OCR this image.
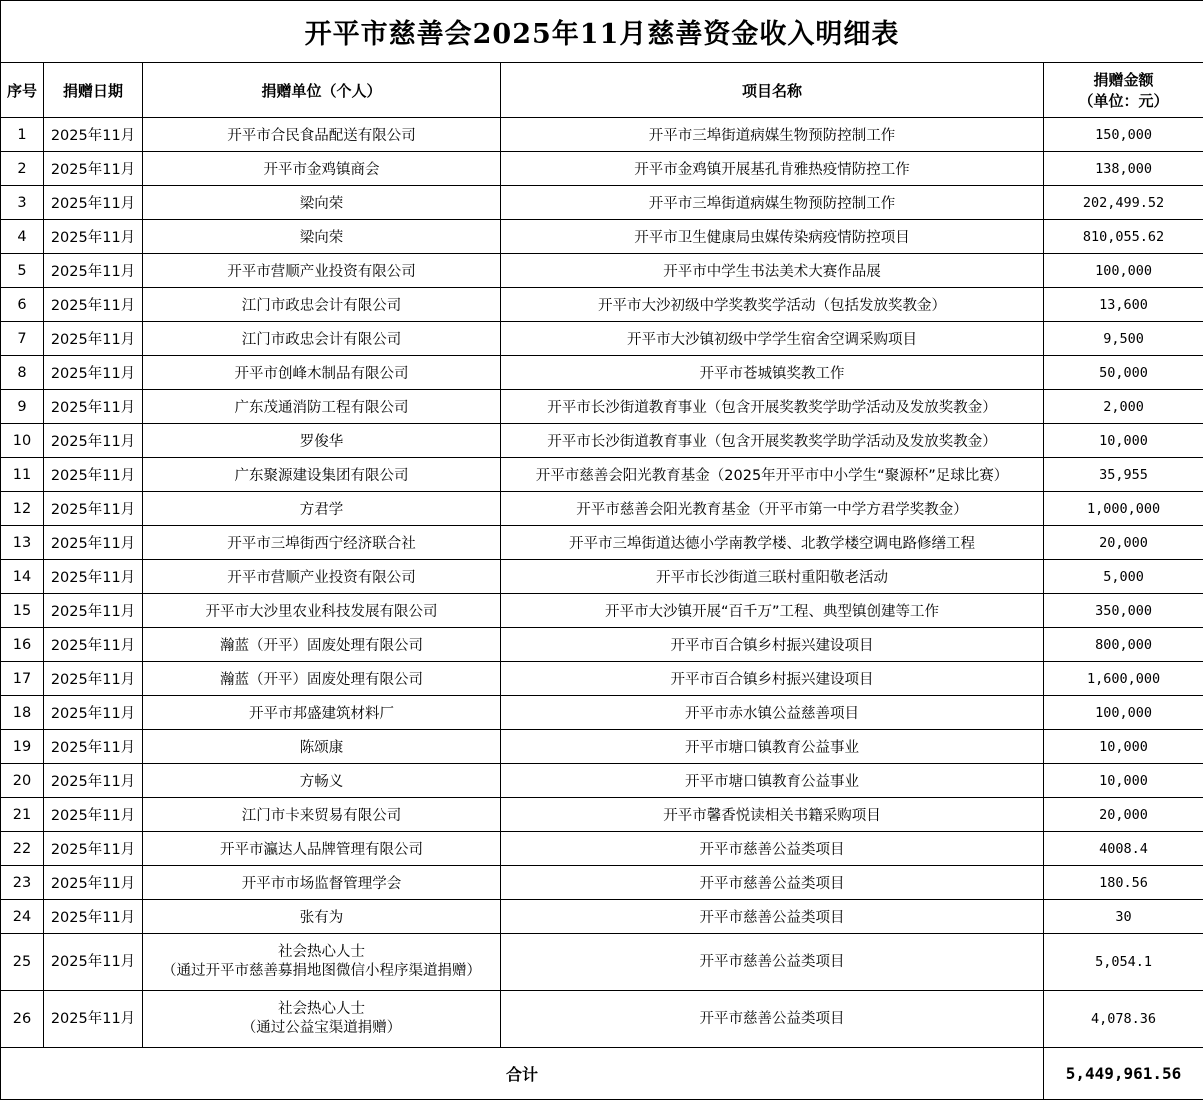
开平市慈善会2025年11月慈善资金收入明细表				
序号	捐赠日期	捐赠单位（个人）	项目名称	捐赠金额
（单位：元）

1	2025年11月	开平市合民食品配送有限公司	开平市三埠街道病媒生物预防控制工作	150,000
2	2025年11月	开平市金鸡镇商会	开平市金鸡镇开展基孔肯雅热疫情防控工作	138,000
3	2025年11月	梁向荣	开平市三埠街道病媒生物预防控制工作	202,499.52
4	2025年11月	梁向荣	开平市卫生健康局虫媒传染病疫情防控项目	810,055.62
5	2025年11月	开平市营顺产业投资有限公司	开平市中学生书法美术大赛作品展	100,000
6	2025年11月	江门市政忠会计有限公司	开平市大沙初级中学奖教奖学活动（包括发放奖教金）	13,600
7	2025年11月	江门市政忠会计有限公司	开平市大沙镇初级中学学生宿舍空调采购项目	9,500
8	2025年11月	开平市创峰木制品有限公司	开平市苍城镇奖教工作	50,000
9	2025年11月	广东茂通消防工程有限公司	开平市长沙街道教育事业（包含开展奖教奖学助学活动及发放奖教金）	2,000
10	2025年11月	罗俊华	开平市长沙街道教育事业（包含开展奖教奖学助学活动及发放奖教金）	10,000
11	2025年11月	广东聚源建设集团有限公司	开平市慈善会阳光教育基金（2025年开平市中小学生“聚源杯”足球比赛）	35,955
12	2025年11月	方君学	开平市慈善会阳光教育基金（开平市第一中学方君学奖教金）	1,000,000
13	2025年11月	开平市三埠街西宁经济联合社	开平市三埠街道达德小学南教学楼、北教学楼空调电路修缮工程	20,000
14	2025年11月	开平市营顺产业投资有限公司	开平市长沙街道三联村重阳敬老活动	5,000
15	2025年11月	开平市大沙里农业科技发展有限公司	开平市大沙镇开展“百千万”工程、典型镇创建等工作	350,000
16	2025年11月	瀚蓝（开平）固废处理有限公司	开平市百合镇乡村振兴建设项目	800,000
17	2025年11月	瀚蓝（开平）固废处理有限公司	开平市百合镇乡村振兴建设项目	1,600,000
18	2025年11月	开平市邦盛建筑材料厂	开平市赤水镇公益慈善项目	100,000
19	2025年11月	陈颂康	开平市塘口镇教育公益事业	10,000
20	2025年11月	方畅义	开平市塘口镇教育公益事业	10,000
21	2025年11月	江门市卡来贸易有限公司	开平市馨香悦读相关书籍采购项目	20,000
22	2025年11月	开平市瀛达人品牌管理有限公司	开平市慈善公益类项目	4008.4
23	2025年11月	开平市市场监督管理学会	开平市慈善公益类项目	180.56
24	2025年11月	张有为	开平市慈善公益类项目	30
25	2025年11月	社会热心人士
（通过开平市慈善募捐地图微信小程序渠道捐赠）	开平市慈善公益类项目	5,054.1
26	2025年11月	社会热心人士
（通过公益宝渠道捐赠）	开平市慈善公益类项目	4,078.36
合计				5,449,961.56
